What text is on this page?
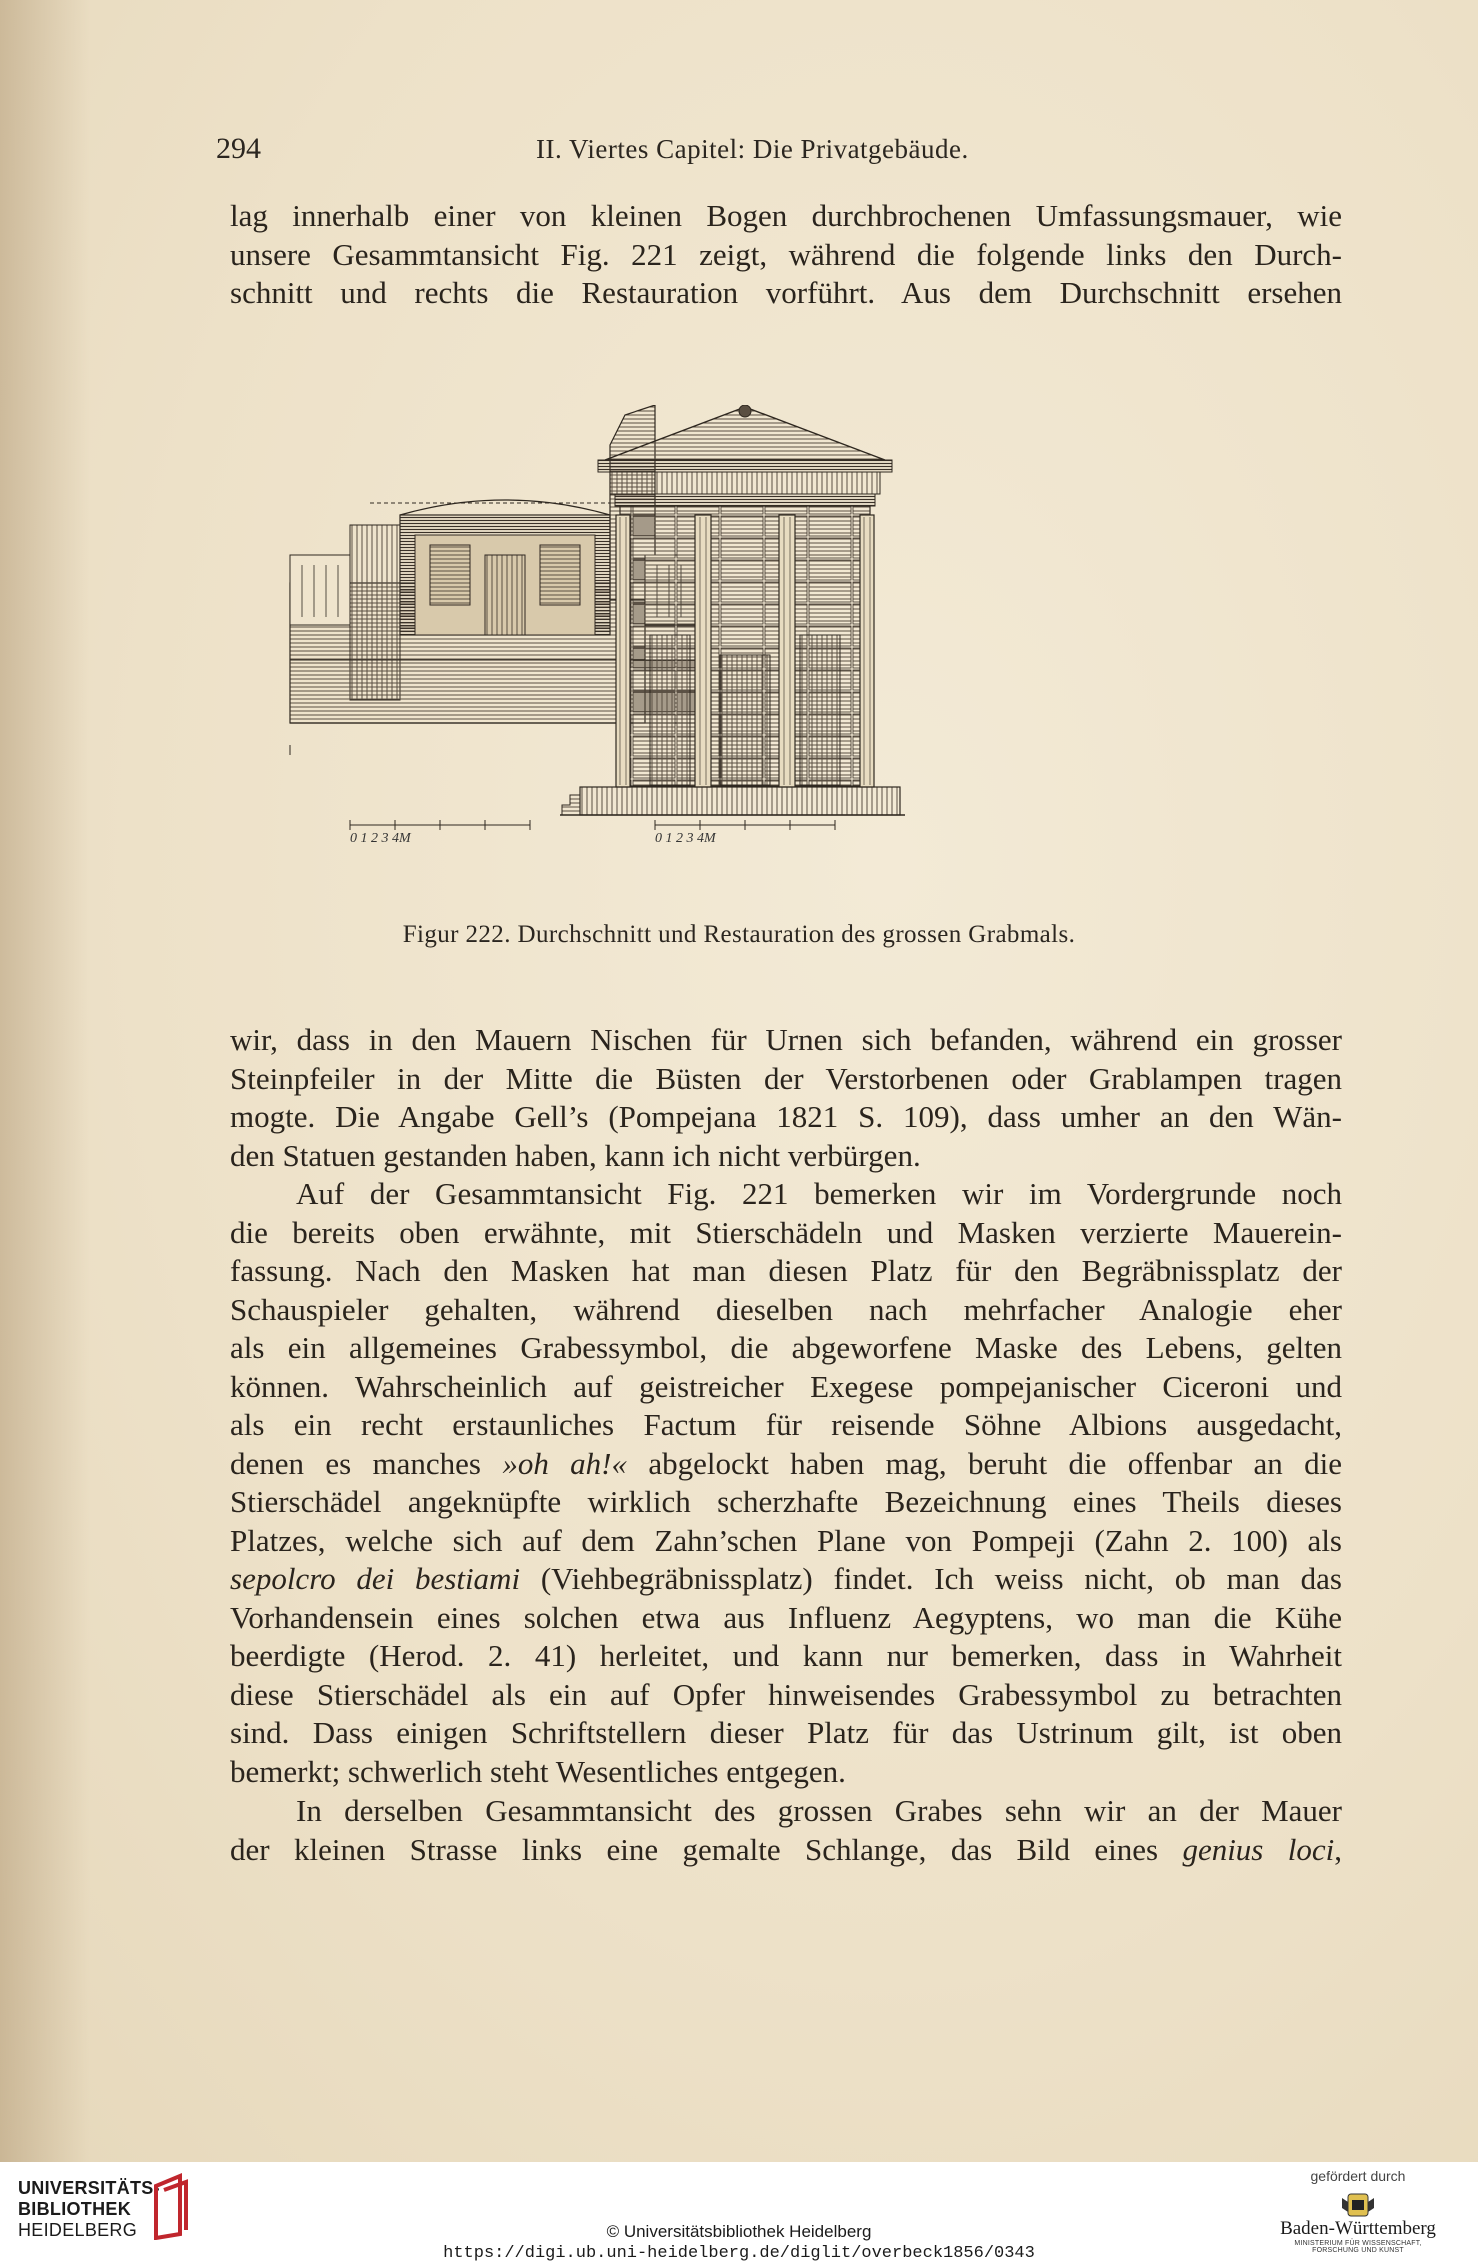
294	II. Viertes Capitel: Die Privatgebäude.
lag innerhalb einer von kleinen Bogen durchbrochenen Umfassungsmauer, wie
unsere Gesammtansicht Fig. 221 zeigt, während die folgende links den Durch-
schnitt und rechts die Restauration vorführt. Aus dem Durchschnitt ersehen
0 1 2 3 4M	0 1 2 3 4M
Figur 222. Durchschnitt und Restauration des grossen Grabmals.
wir, dass in den Mauern Nischen für Urnen sich befanden, während ein grosser
Steinpfeiler in der Mitte die Büsten der Verstorbenen oder Grablampen tragen
mogte. Die Angabe Gell’s (Pompejana 1821 S. 109), dass umher an den Wän-
den Statuen gestanden haben, kann ich nicht verbürgen.
Auf der Gesammtansicht Fig. 221 bemerken wir im Vordergrunde noch
die bereits oben erwähnte, mit Stierschädeln und Masken verzierte Mauerein-
fassung. Nach den Masken hat man diesen Platz für den Begräbnissplatz der
Schauspieler gehalten, während dieselben nach mehrfacher Analogie eher
als ein allgemeines Grabessymbol, die abgeworfene Maske des Lebens, gelten
können. Wahrscheinlich auf geistreicher Exegese pompejanischer Ciceroni und
als ein recht erstaunliches Factum für reisende Söhne Albions ausgedacht,
denen es manches »oh ah!« abgelockt haben mag, beruht die offenbar an die
Stierschädel angeknüpfte wirklich scherzhafte Bezeichnung eines Theils dieses
Platzes, welche sich auf dem Zahn’schen Plane von Pompeji (Zahn 2. 100) als
sepolcro dei bestiami (Viehbegräbnissplatz) findet. Ich weiss nicht, ob man das
Vorhandensein eines solchen etwa aus Influenz Aegyptens, wo man die Kühe
beerdigte (Herod. 2. 41) herleitet, und kann nur bemerken, dass in Wahrheit
diese Stierschädel als ein auf Opfer hinweisendes Grabessymbol zu betrachten
sind. Dass einigen Schriftstellern dieser Platz für das Ustrinum gilt, ist oben
bemerkt; schwerlich steht Wesentliches entgegen.
In derselben Gesammtansicht des grossen Grabes sehn wir an der Mauer
der kleinen Strasse links eine gemalte Schlange, das Bild eines genius loci,
UNIVERSITÄTS-
BIBLIOTHEK
HEIDELBERG	© Universitätsbibliothek Heidelberg
https://digi.ub.uni-heidelberg.de/diglit/overbeck1856/0343
gefördert durch
Baden-Württemberg
MINISTERIUM FÜR WISSENSCHAFT, FORSCHUNG UND KUNST
